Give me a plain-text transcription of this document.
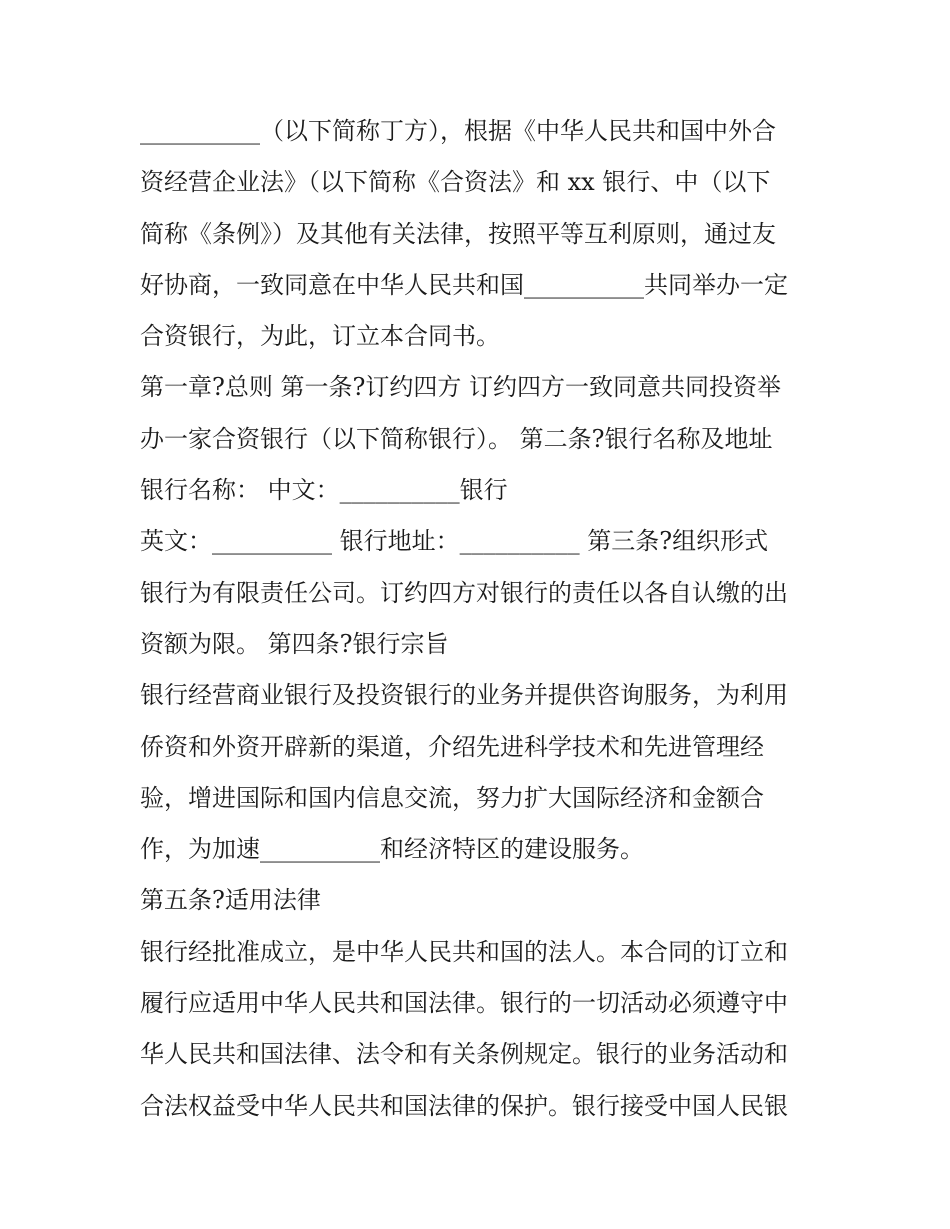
__________（以下简称丁方），根据《中华人民共和国中外合
资经营企业法》（以下简称《合资法》和 xx 银行、中（以下
简称《条例》）及其他有关法律，按照平等互利原则，通过友
好协商，一致同意在中华人民共和国__________共同举办一定
合资银行，为此，订立本合同书。
第一章?总则 第一条?订约四方 订约四方一致同意共同投资举
办一家合资银行（以下简称银行）。 第二条?银行名称及地址
银行名称： 中文：__________银行
英文：__________ 银行地址：__________ 第三条?组织形式
银行为有限责任公司。订约四方对银行的责任以各自认缴的出
资额为限。 第四条?银行宗旨
银行经营商业银行及投资银行的业务并提供咨询服务，为利用
侨资和外资开辟新的渠道，介绍先进科学技术和先进管理经
验，增进国际和国内信息交流，努力扩大国际经济和金额合
作，为加速__________和经济特区的建设服务。
第五条?适用法律
银行经批准成立，是中华人民共和国的法人。本合同的订立和
履行应适用中华人民共和国法律。银行的一切活动必须遵守中
华人民共和国法律、法令和有关条例规定。银行的业务活动和
合法权益受中华人民共和国法律的保护。银行接受中国人民银
